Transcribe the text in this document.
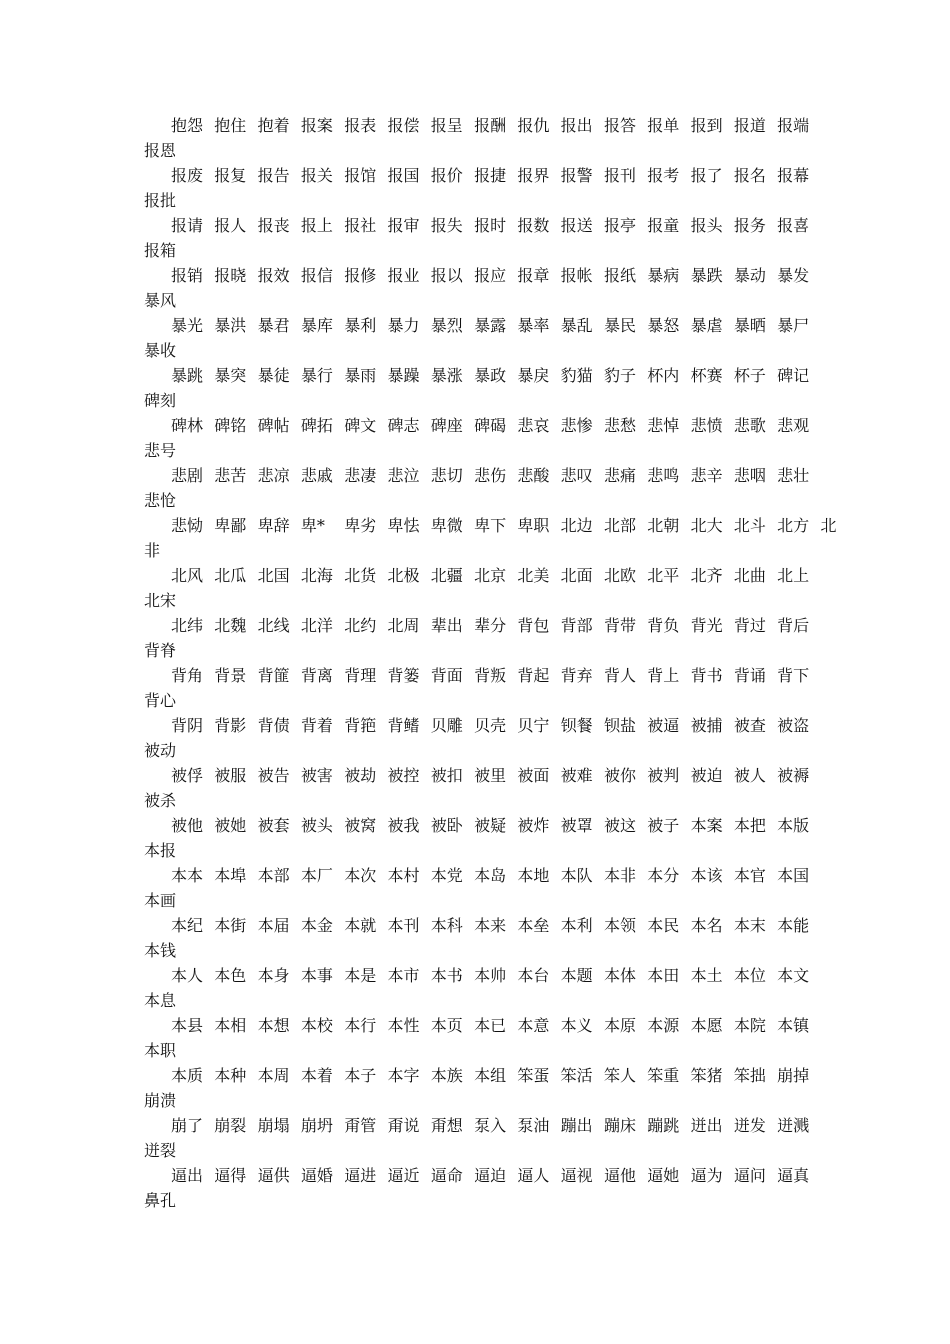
抱怨 抱住 抱着 报案 报表 报偿 报呈 报酬 报仇 报出 报答 报单 报到 报道 报端
报恩
报废 报复 报告 报关 报馆 报国 报价 报捷 报界 报警 报刊 报考 报了 报名 报幕
报批
报请 报人 报丧 报上 报社 报审 报失 报时 报数 报送 报亭 报童 报头 报务 报喜
报箱
报销 报晓 报效 报信 报修 报业 报以 报应 报章 报帐 报纸 暴病 暴跌 暴动 暴发
暴风
暴光 暴洪 暴君 暴库 暴利 暴力 暴烈 暴露 暴率 暴乱 暴民 暴怒 暴虐 暴晒 暴尸
暴收
暴跳 暴突 暴徒 暴行 暴雨 暴躁 暴涨 暴政 暴戾 豹猫 豹子 杯内 杯赛 杯子 碑记
碑刻
碑林 碑铭 碑帖 碑拓 碑文 碑志 碑座 碑碣 悲哀 悲惨 悲愁 悲悼 悲愤 悲歌 悲观
悲号
悲剧 悲苦 悲凉 悲戚 悲凄 悲泣 悲切 悲伤 悲酸 悲叹 悲痛 悲鸣 悲辛 悲咽 悲壮
悲怆
悲恸 卑鄙 卑辞 卑* 卑劣 卑怯 卑微 卑下 卑职 北边 北部 北朝 北大 北斗 北方 北
非
北风 北瓜 北国 北海 北货 北极 北疆 北京 北美 北面 北欧 北平 北齐 北曲 北上
北宋
北纬 北魏 北线 北洋 北约 北周 辈出 辈分 背包 背部 背带 背负 背光 背过 背后
背脊
背角 背景 背篚 背离 背理 背篓 背面 背叛 背起 背弃 背人 背上 背书 背诵 背下
背心
背阴 背影 背债 背着 背筢 背鳍 贝雕 贝壳 贝宁 钡餐 钡盐 被逼 被捕 被查 被盗
被动
被俘 被服 被告 被害 被劫 被控 被扣 被里 被面 被难 被你 被判 被迫 被人 被褥
被杀
被他 被她 被套 被头 被窝 被我 被卧 被疑 被炸 被罩 被这 被子 本案 本把 本版
本报
本本 本埠 本部 本厂 本次 本村 本党 本岛 本地 本队 本非 本分 本该 本官 本国
本画
本纪 本街 本届 本金 本就 本刊 本科 本来 本垒 本利 本领 本民 本名 本末 本能
本钱
本人 本色 本身 本事 本是 本市 本书 本帅 本台 本题 本体 本田 本土 本位 本文
本息
本县 本相 本想 本校 本行 本性 本页 本已 本意 本义 本原 本源 本愿 本院 本镇
本职
本质 本种 本周 本着 本子 本字 本族 本组 笨蛋 笨活 笨人 笨重 笨猪 笨拙 崩掉
崩溃
崩了 崩裂 崩塌 崩坍 甭管 甭说 甭想 泵入 泵油 蹦出 蹦床 蹦跳 迸出 迸发 迸溅
迸裂
逼出 逼得 逼供 逼婚 逼进 逼近 逼命 逼迫 逼人 逼视 逼他 逼她 逼为 逼问 逼真
鼻孔
